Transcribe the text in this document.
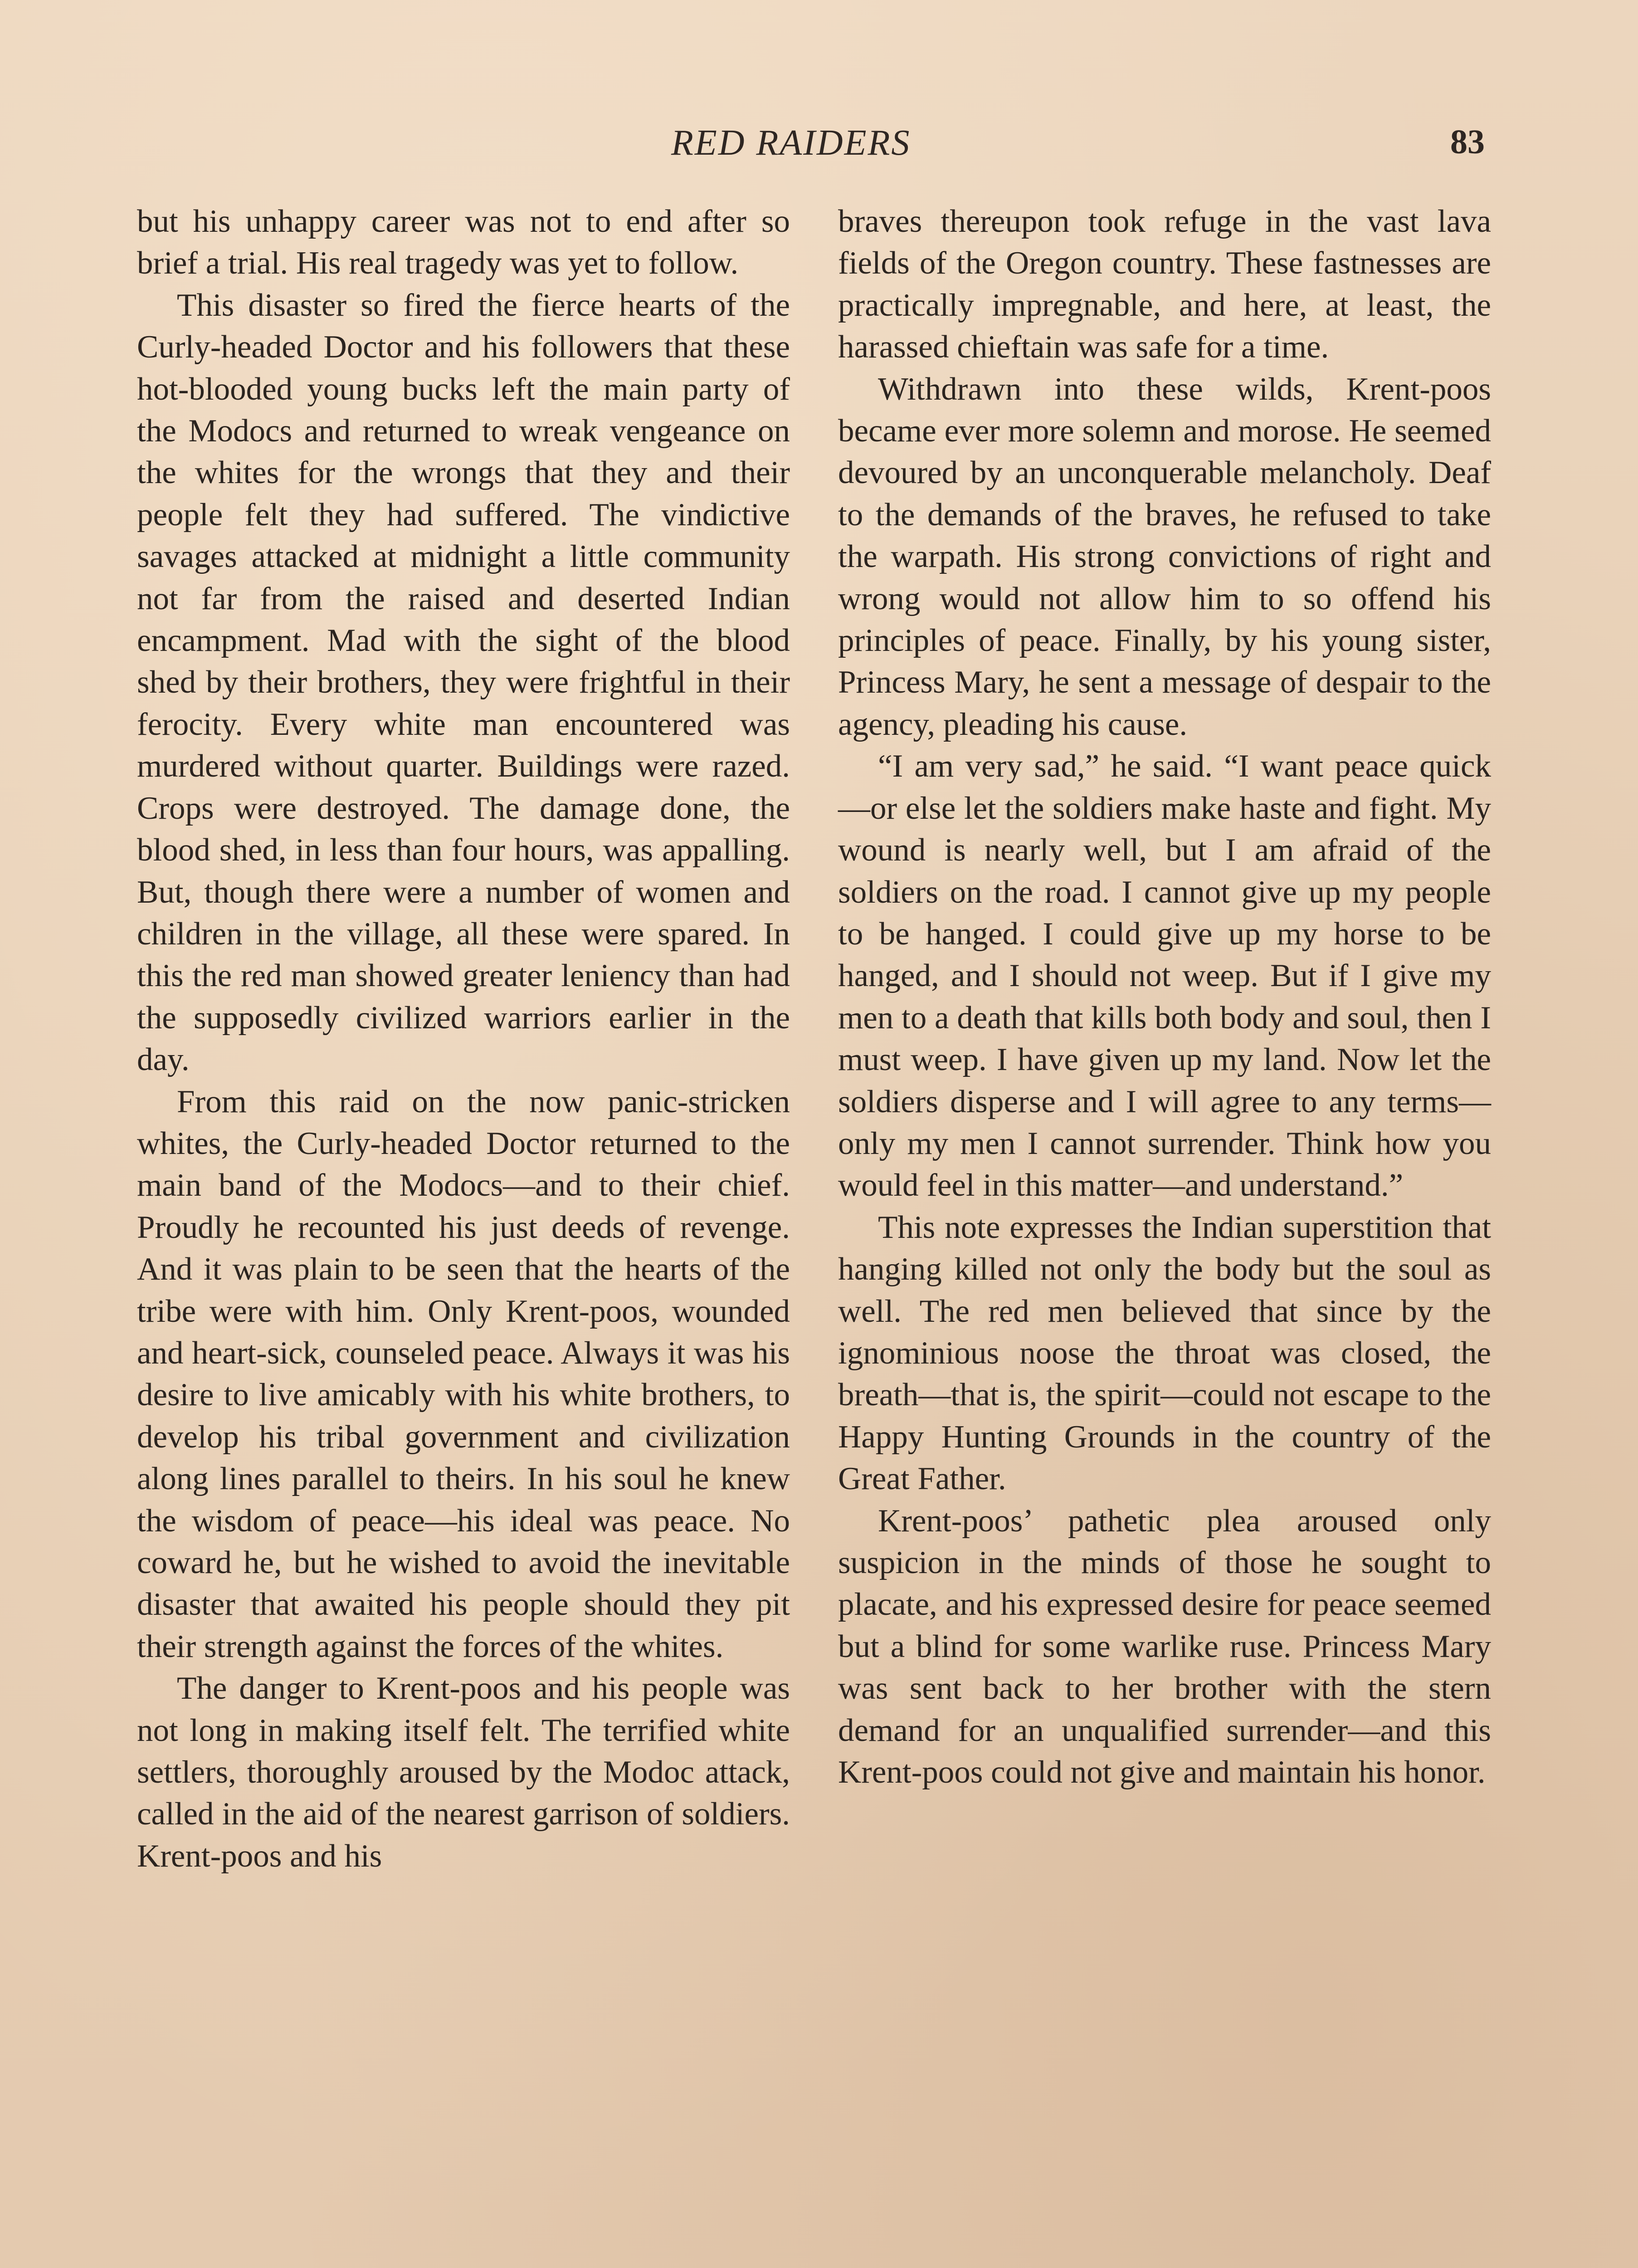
RED RAIDERS	83

but his unhappy career was not to end after so brief a trial. His real tragedy was yet to follow.

This disaster so fired the fierce hearts of the Curly-headed Doctor and his followers that these hot-blooded young bucks left the main party of the Modocs and returned to wreak vengeance on the whites for the wrongs that they and their people felt they had suffered. The vindictive savages attacked at midnight a little community not far from the raised and deserted Indian encampment. Mad with the sight of the blood shed by their brothers, they were frightful in their ferocity. Every white man encountered was murdered without quarter. Buildings were razed. Crops were destroyed. The damage done, the blood shed, in less than four hours, was appalling. But, though there were a number of women and children in the village, all these were spared. In this the red man showed greater leniency than had the supposedly civilized warriors earlier in the day.

From this raid on the now panic-stricken whites, the Curly-headed Doctor returned to the main band of the Modocs—and to their chief. Proudly he recounted his just deeds of revenge. And it was plain to be seen that the hearts of the tribe were with him. Only Krent-poos, wounded and heart-sick, counseled peace. Always it was his desire to live amicably with his white brothers, to develop his tribal government and civilization along lines parallel to theirs. In his soul he knew the wisdom of peace—his ideal was peace. No coward he, but he wished to avoid the inevitable disaster that awaited his people should they pit their strength against the forces of the whites.

The danger to Krent-poos and his people was not long in making itself felt. The terrified white settlers, thoroughly aroused by the Modoc attack, called in the aid of the nearest garrison of soldiers. Krent-poos and his

braves thereupon took refuge in the vast lava fields of the Oregon country. These fastnesses are practically impregnable, and here, at least, the harassed chieftain was safe for a time.

Withdrawn into these wilds, Krent-poos became ever more solemn and morose. He seemed devoured by an unconquerable melancholy. Deaf to the demands of the braves, he refused to take the warpath. His strong convictions of right and wrong would not allow him to so offend his principles of peace. Finally, by his young sister, Princess Mary, he sent a message of despair to the agency, pleading his cause.

“I am very sad,” he said. “I want peace quick—or else let the soldiers make haste and fight. My wound is nearly well, but I am afraid of the soldiers on the road. I cannot give up my people to be hanged. I could give up my horse to be hanged, and I should not weep. But if I give my men to a death that kills both body and soul, then I must weep. I have given up my land. Now let the soldiers disperse and I will agree to any terms—only my men I cannot surrender. Think how you would feel in this matter—and understand.”

This note expresses the Indian superstition that hanging killed not only the body but the soul as well. The red men believed that since by the ignominious noose the throat was closed, the breath—that is, the spirit—could not escape to the Happy Hunting Grounds in the country of the Great Father.

Krent-poos’ pathetic plea aroused only suspicion in the minds of those he sought to placate, and his expressed desire for peace seemed but a blind for some warlike ruse. Princess Mary was sent back to her brother with the stern demand for an unqualified surrender—and this Krent-poos could not give and maintain his honor.
